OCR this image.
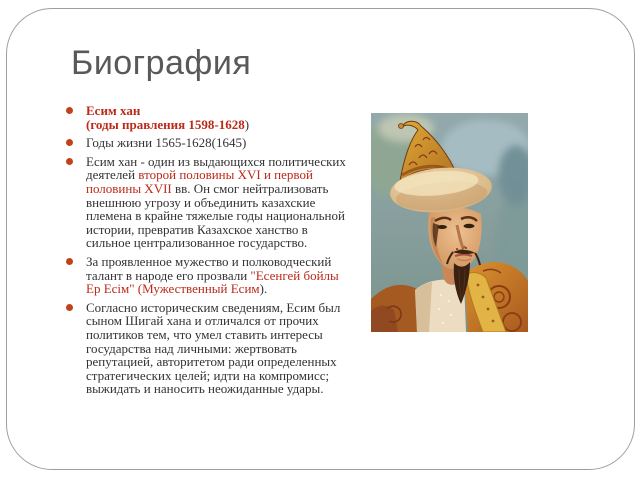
Биография
Есим хан
(годы правления 1598-1628)
Годы жизни 1565-1628(1645)
Есим хан - один из выдающихся политических деятелей второй половины XVI и первой половины XVII вв. Он смог нейтрализовать внешнюю угрозу и объединить казахские племена в крайне тяжелые годы национальной истории, превратив Казахское ханство в сильное централизованное государство.
За проявленное мужество и полководческий талант в народе его прозвали "Есенгей бойлы Ер Есім" (Мужественный Есим).
Согласно историческим сведениям, Есим был сыном Шигай хана и отличался от прочих политиков тем, что умел ставить интересы государства над личными: жертвовать репутацией, авторитетом ради определенных стратегических целей; идти на компромисс; выжидать и наносить неожиданные удары.
